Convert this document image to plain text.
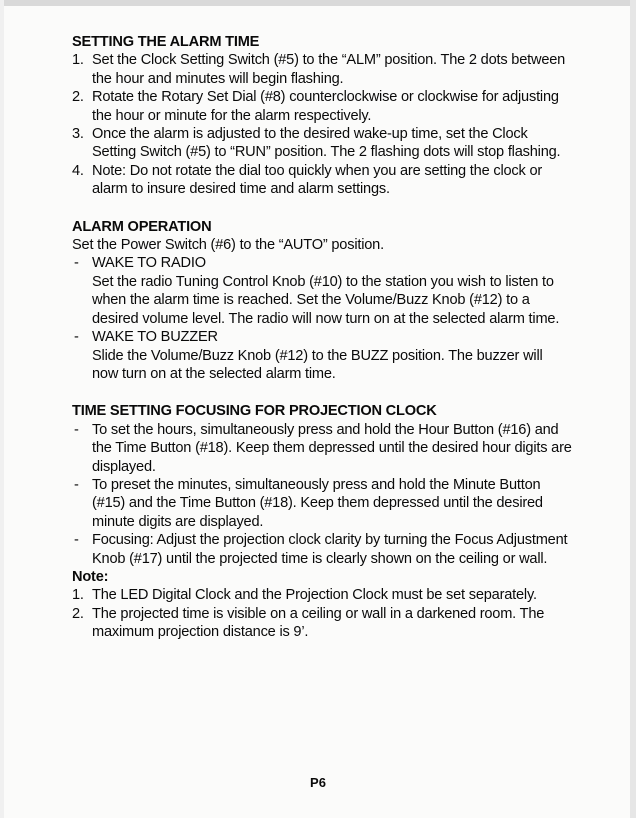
SETTING THE ALARM TIME

1. Set the Clock Setting Switch (#5) to the “ALM” position. The 2 dots between the hour and minutes will begin flashing.
2. Rotate the Rotary Set Dial (#8) counterclockwise or clockwise for adjusting the hour or minute for the alarm respectively.
3. Once the alarm is adjusted to the desired wake-up time, set the Clock Setting Switch (#5) to “RUN” position. The 2 flashing dots will stop flashing.
4. Note: Do not rotate the dial too quickly when you are setting the clock or alarm to insure desired time and alarm settings.

ALARM OPERATION

Set the Power Switch (#6) to the “AUTO” position.

- WAKE TO RADIO
Set the radio Tuning Control Knob (#10) to the station you wish to listen to when the alarm time is reached. Set the Volume/Buzz Knob (#12) to a desired volume level. The radio will now turn on at the selected alarm time.
- WAKE TO BUZZER
Slide the Volume/Buzz Knob (#12) to the BUZZ position. The buzzer will now turn on at the selected alarm time.

TIME SETTING FOCUSING FOR PROJECTION CLOCK

- To set the hours, simultaneously press and hold the Hour Button (#16) and the Time Button (#18). Keep them depressed until the desired hour digits are displayed.
- To preset the minutes, simultaneously press and hold the Minute Button (#15) and the Time Button (#18). Keep them depressed until the desired minute digits are displayed.
- Focusing: Adjust the projection clock clarity by turning the Focus Adjustment Knob (#17) until the projected time is clearly shown on the ceiling or wall.

Note:

1. The LED Digital Clock and the Projection Clock must be set separately.
2. The projected time is visible on a ceiling or wall in a darkened room. The maximum projection distance is 9’.
P6
